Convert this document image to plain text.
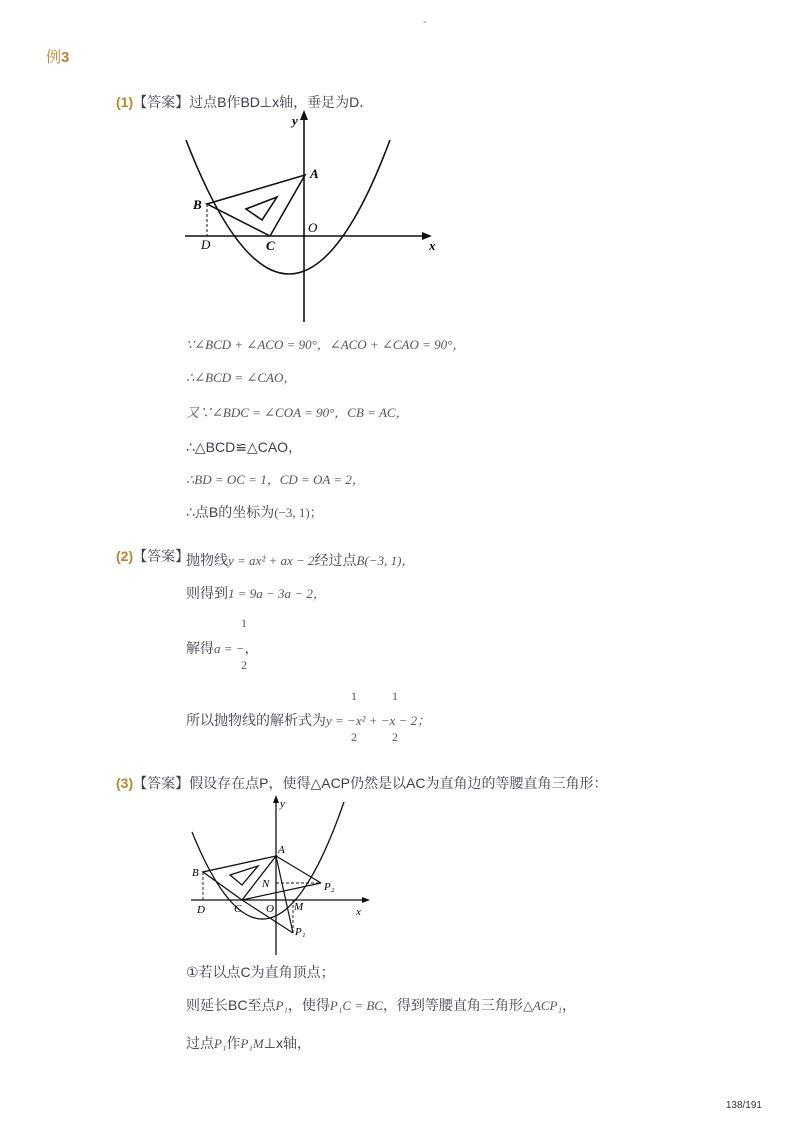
-
例3
(1)【答案】过点B作BD⊥x轴，垂足为D．
y
A
B
D	C
O
x
∵∠BCD + ∠ACO = 90°，∠ACO + ∠CAO = 90°，
∴∠BCD = ∠CAO，
又∵∠BDC = ∠COA = 90°，CB = AC，
∴△BCD≌△CAO，
∴BD = OC = 1，CD = OA = 2，
∴点B的坐标为(−3, 1)；
(2)【答案】
抛物线y = ax² + ax − 2经过点B(−3, 1)，
则得到1 = 9a − 3a − 2，
1
解得a = −，
2
1	1
所以抛物线的解析式为y = −x² + −x − 2；
2	2
(3)【答案】假设存在点P，使得△ACP仍然是以AC为直角边的等腰直角三角形：
y
A
B
N	P₂
D	C O M	x
P₁
①若以点C为直角顶点；
则延长BC至点P₁，使得P₁C = BC，得到等腰直角三角形△ACP₁，
过点P₁作P₁M⊥x轴，
138/191
